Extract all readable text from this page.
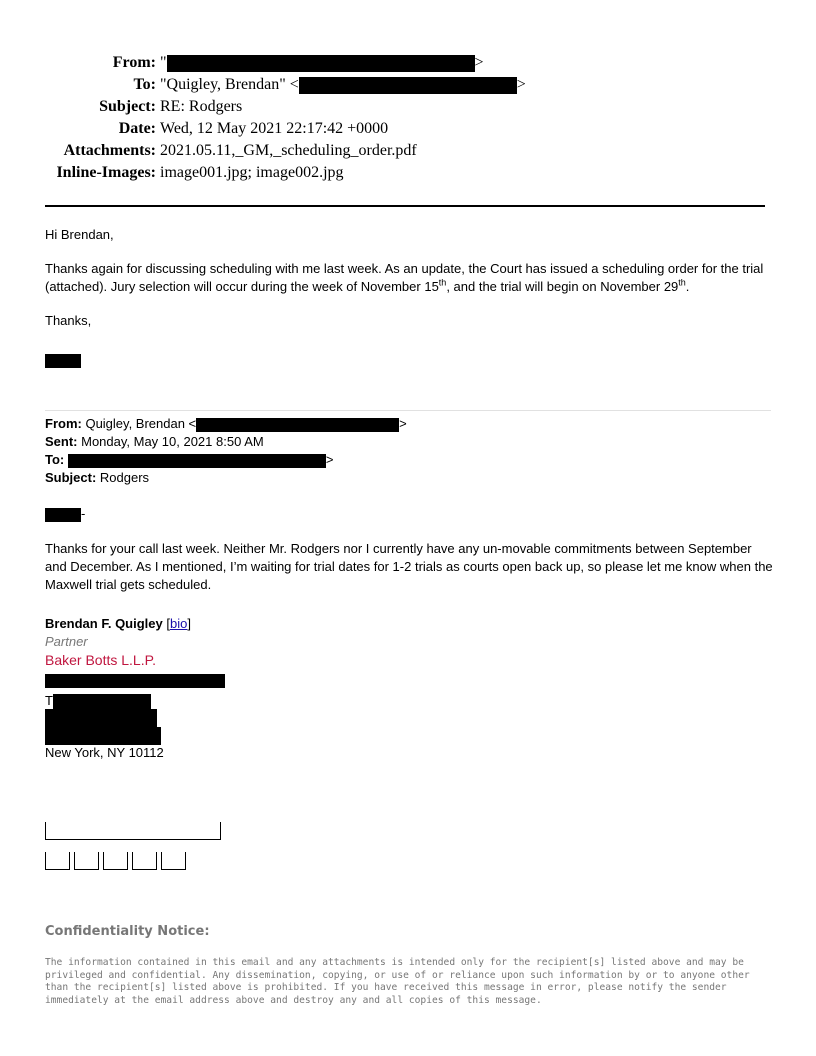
From: "	>
To: "Quigley, Brendan" <	>
Subject: RE: Rodgers
Date: Wed, 12 May 2021 22:17:42 +0000
Attachments: 2021.05.11,_GM,_scheduling_order.pdf
Inline-Images: image001.jpg; image002.jpg

Hi Brendan,

Thanks again for discussing scheduling with me last week. As an update, the Court has issued a scheduling order for the trial (attached). Jury selection will occur during the week of November 15th, and the trial will begin on November 29th.

Thanks,

From: Quigley, Brendan <	>
Sent: Monday, May 10, 2021 8:50 AM
To:	>
Subject: Rodgers
-

Thanks for your call last week. Neither Mr. Rodgers nor I currently have any un-movable commitments between September and December. As I mentioned, I’m waiting for trial dates for 1-2 trials as courts open back up, so please let me know when the Maxwell trial gets scheduled.

Brendan F. Quigley [bio]
Partner
Baker Botts L.L.P.
T
New York, NY 10112
Confidentiality Notice:
The information contained in this email and any attachments is intended only for the recipient[s] listed above and may be privileged and confidential. Any dissemination, copying, or use of or reliance upon such information by or to anyone other than the recipient[s] listed above is prohibited. If you have received this message in error, please notify the sender immediately at the email address above and destroy any and all copies of this message.
